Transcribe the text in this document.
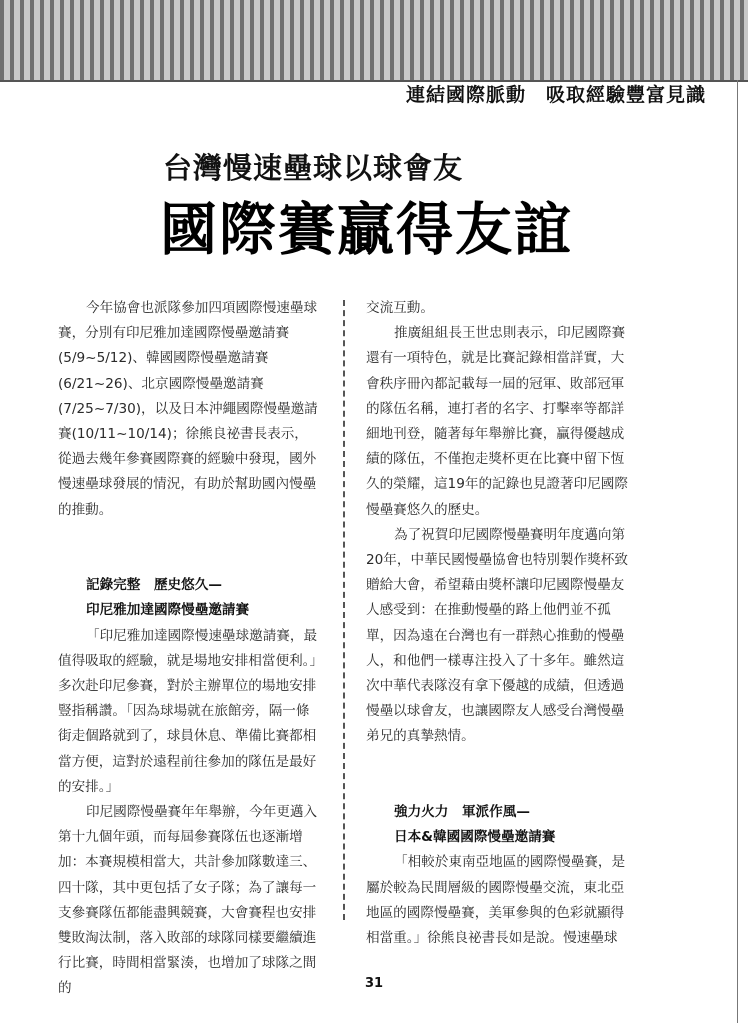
連結國際脈動 吸取經驗豐富見識
台灣慢速壘球以球會友
國際賽贏得友誼

今年協會也派隊參加四項國際慢速壘球賽，分別有印尼雅加達國際慢壘邀請賽(5/9~5/12)、韓國國際慢壘邀請賽(6/21~26)、北京國際慢壘邀請賽(7/25~7/30)，以及日本沖繩國際慢壘邀請賽(10/11~10/14)；徐熊良祕書長表示，從過去幾年參賽國際賽的經驗中發現，國外慢速壘球發展的情況，有助於幫助國內慢壘的推動。

記錄完整　歷史悠久—
印尼雅加達國際慢壘邀請賽

「印尼雅加達國際慢速壘球邀請賽，最值得吸取的經驗，就是場地安排相當便利。」多次赴印尼參賽，對於主辦單位的場地安排豎指稱讚。「因為球場就在旅館旁，隔一條街走個路就到了，球員休息、準備比賽都相當方便，這對於遠程前往參加的隊伍是最好的安排。」

印尼國際慢壘賽年年舉辦，今年更邁入第十九個年頭，而每屆參賽隊伍也逐漸增加：本賽規模相當大，共計參加隊數達三、四十隊，其中更包括了女子隊；為了讓每一支參賽隊伍都能盡興競賽，大會賽程也安排雙敗淘汰制，落入敗部的球隊同樣要繼續進行比賽，時間相當緊湊，也增加了球隊之間的

交流互動。

推廣組組長王世忠則表示，印尼國際賽還有一項特色，就是比賽記錄相當詳實，大會秩序冊內都記載每一屆的冠軍、敗部冠軍的隊伍名稱，連打者的名字、打擊率等都詳細地刊登，隨著每年舉辦比賽，贏得優越成績的隊伍，不僅抱走獎杯更在比賽中留下恆久的榮耀，這19年的記錄也見證著印尼國際慢壘賽悠久的歷史。

為了祝賀印尼國際慢壘賽明年度邁向第20年，中華民國慢壘協會也特別製作獎杯致贈給大會，希望藉由獎杯讓印尼國際慢壘友人感受到：在推動慢壘的路上他們並不孤單，因為遠在台灣也有一群熱心推動的慢壘人，和他們一樣專注投入了十多年。雖然這次中華代表隊沒有拿下優越的成績，但透過慢壘以球會友，也讓國際友人感受台灣慢壘弟兄的真摯熱情。

強力火力　軍派作風—
日本&韓國國際慢壘邀請賽

「相較於東南亞地區的國際慢壘賽，是屬於較為民間層級的國際慢壘交流，東北亞地區的國際慢壘賽，美軍參與的色彩就顯得相當重。」徐熊良祕書長如是說。慢速壘球

31
